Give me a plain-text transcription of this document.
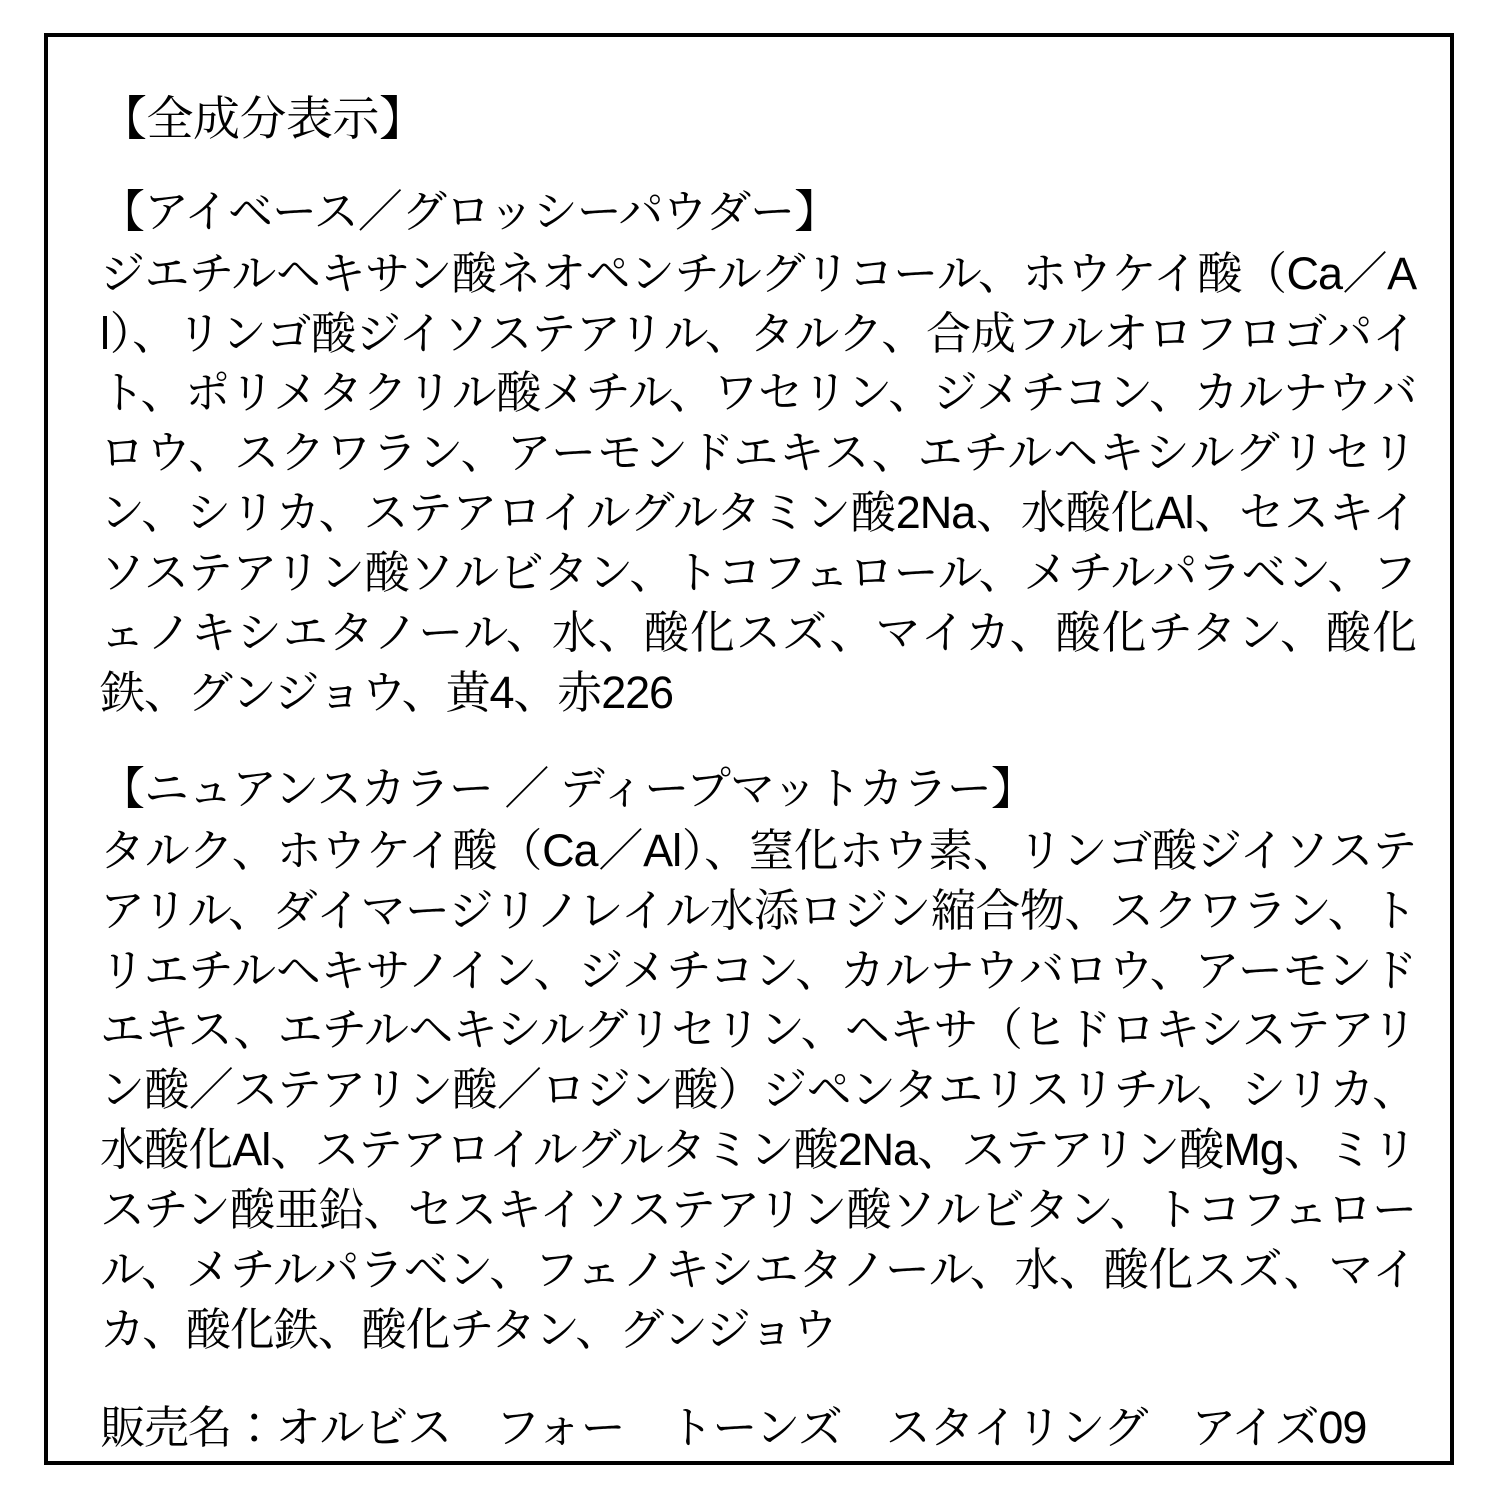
【全成分表示】

【アイベース／グロッシーパウダー】

ジエチルヘキサン酸ネオペンチルグリコール、ホウケイ酸（Ca／Al）、リンゴ酸ジイソステアリル、タルク、合成フルオロフロゴパイト、ポリメタクリル酸メチル、ワセリン、ジメチコン、カルナウバロウ、スクワラン、アーモンドエキス、エチルヘキシルグリセリン、シリカ、ステアロイルグルタミン酸2Na、水酸化Al、セスキイソステアリン酸ソルビタン、トコフェロール、メチルパラベン、フェノキシエタノール、水、酸化スズ、マイカ、酸化チタン、酸化鉄、グンジョウ、黄4、赤226

【ニュアンスカラー ／ ディープマットカラー】

タルク、ホウケイ酸（Ca／Al）、窒化ホウ素、リンゴ酸ジイソステアリル、ダイマージリノレイル水添ロジン縮合物、スクワラン、トリエチルヘキサノイン、ジメチコン、カルナウバロウ、アーモンドエキス、エチルヘキシルグリセリン、ヘキサ（ヒドロキシステアリン酸／ステアリン酸／ロジン酸）ジペンタエリスリチル、シリカ、水酸化Al、ステアロイルグルタミン酸2Na、ステアリン酸Mg、ミリスチン酸亜鉛、セスキイソステアリン酸ソルビタン、トコフェロール、メチルパラベン、フェノキシエタノール、水、酸化スズ、マイカ、酸化鉄、酸化チタン、グンジョウ

販売名：オルビス　フォー　トーンズ　スタイリング　アイズ09
